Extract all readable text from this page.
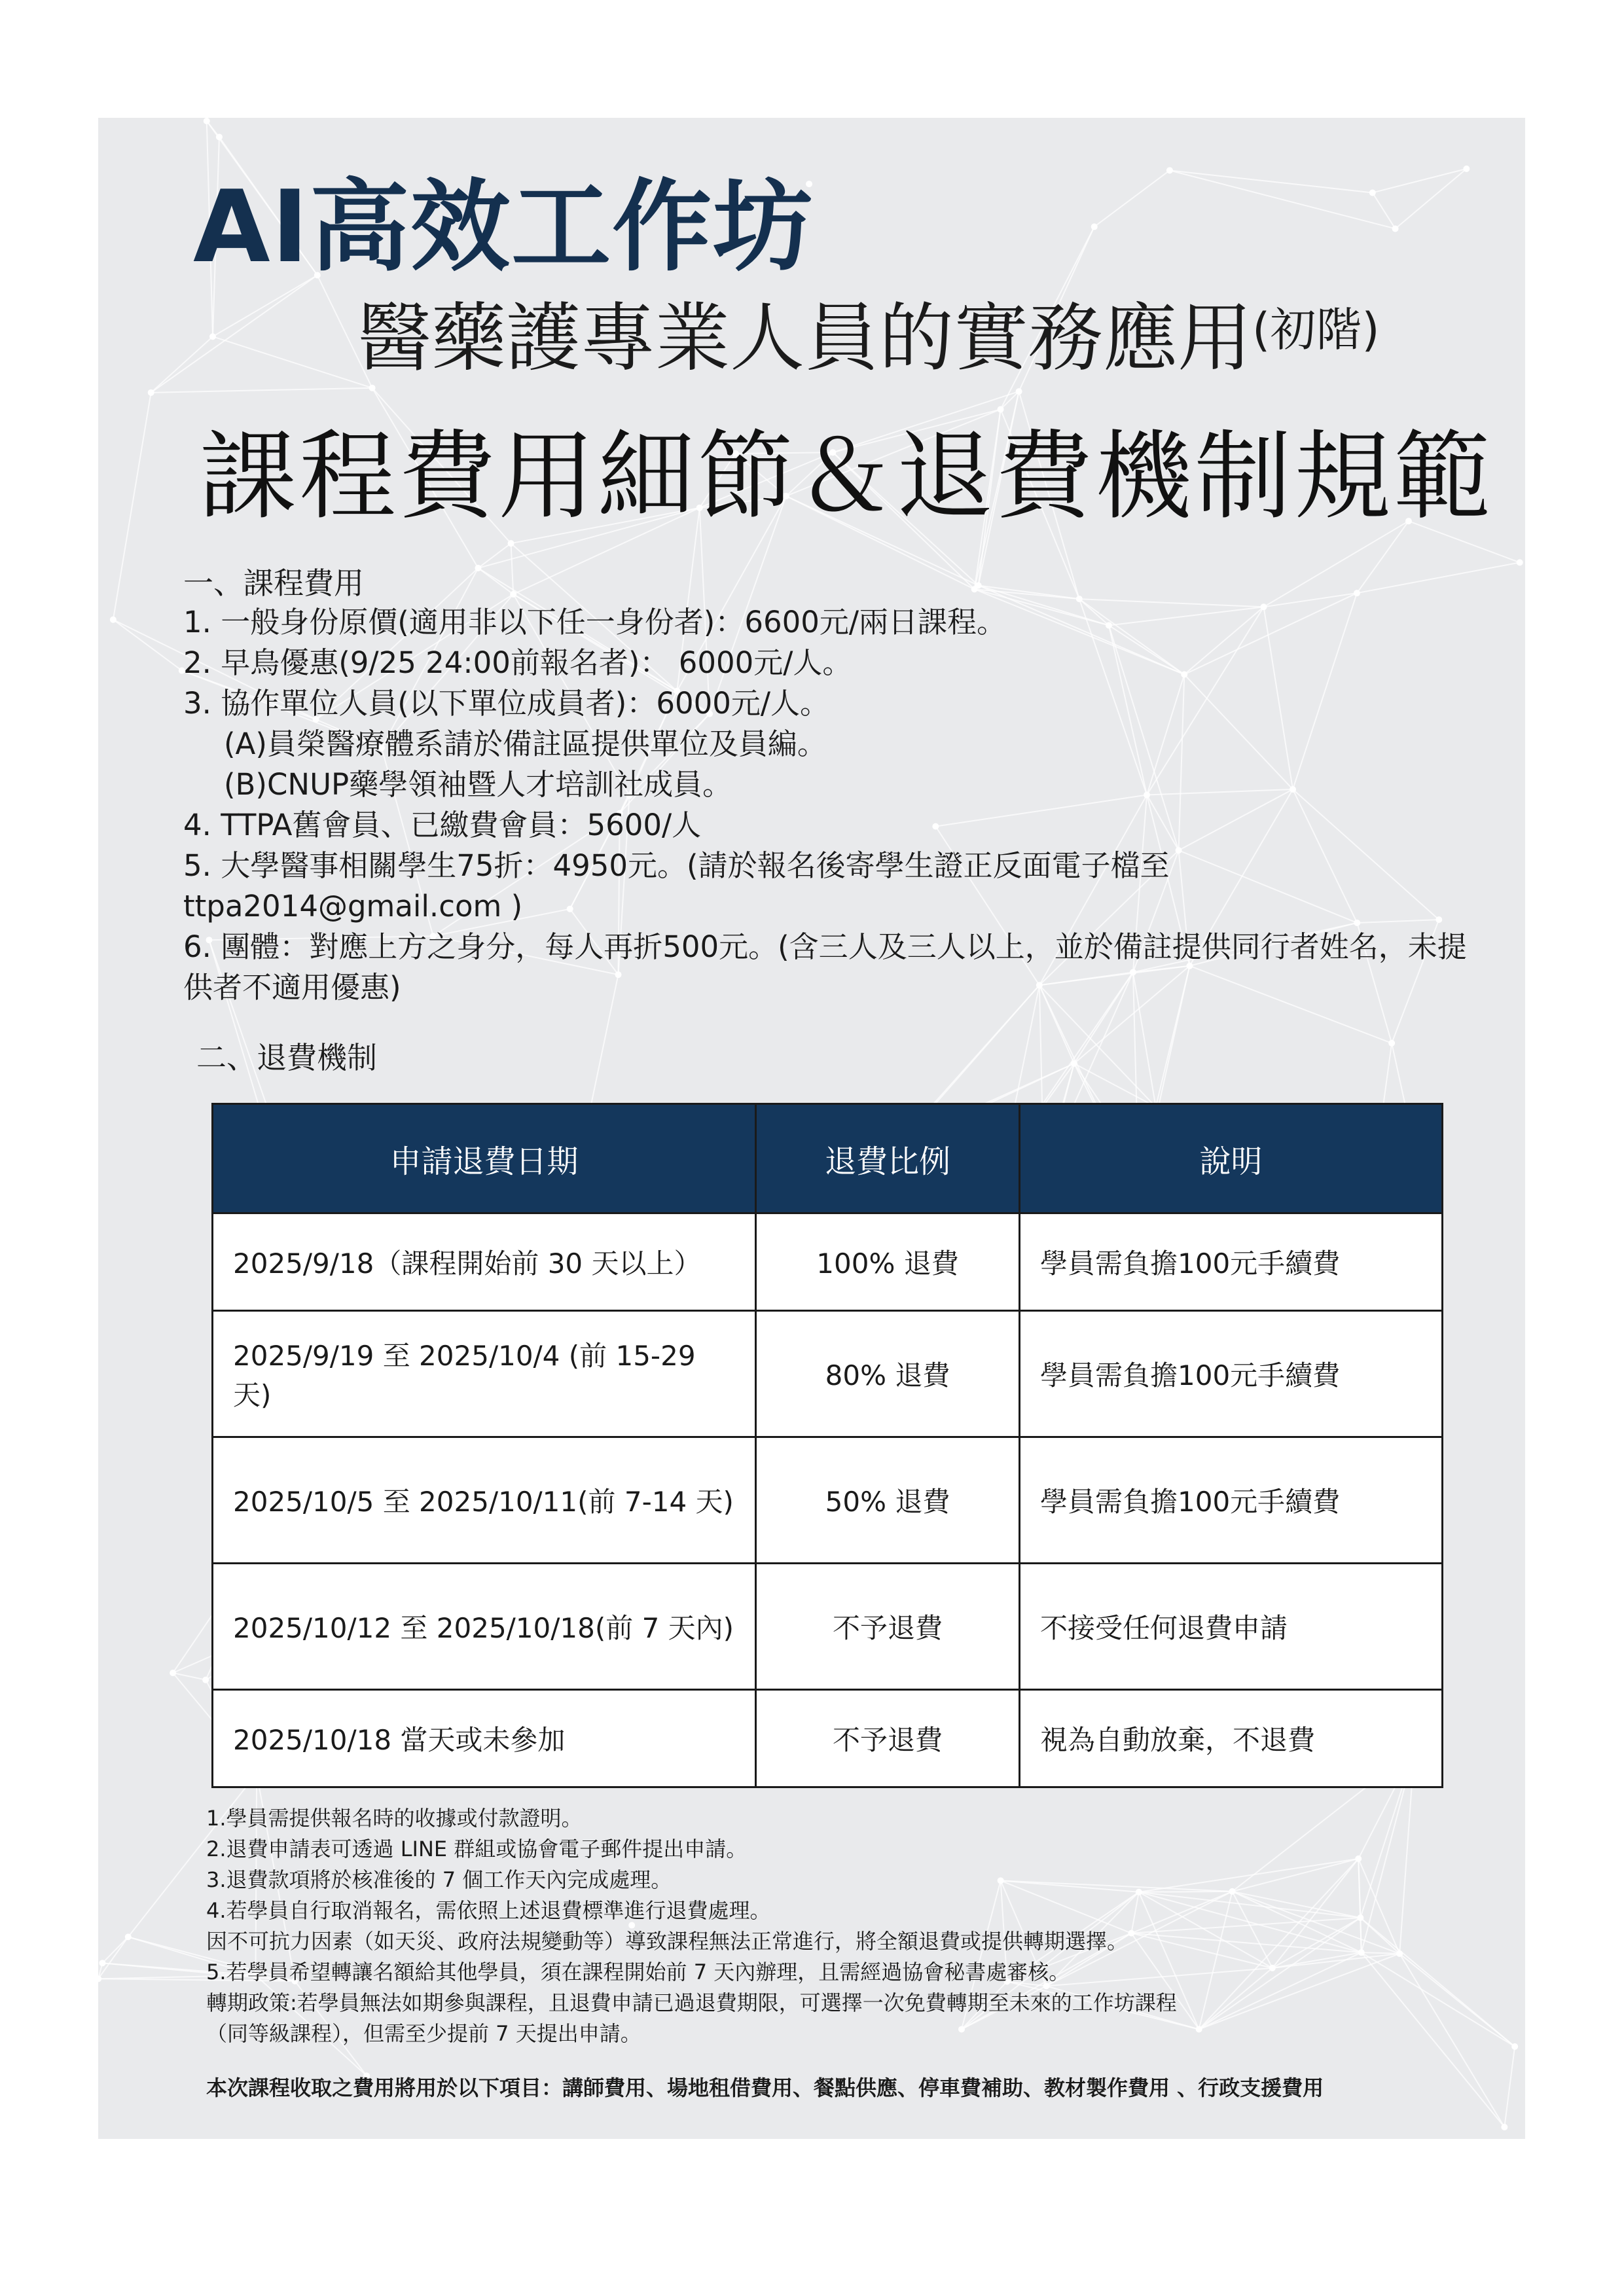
AI高效工作坊
醫藥護專業人員的實務應用$^{(初階)}$
課程費用細節＆退費機制規範
一、課程費用
1. 一般身份原價(適用非以下任一身份者)：6600元/兩日課程。
2. 早鳥優惠(9/25 24:00前報名者)： 6000元/人。
3. 協作單位人員(以下單位成員者)：6000元/人。
(A)員榮醫療體系請於備註區提供單位及員編。
(B)CNUP藥學領袖暨人才培訓社成員。
4. TTPA舊會員、已繳費會員：5600/人
5. 大學醫事相關學生75折：4950元。(請於報名後寄學生證正反面電子檔至 ttpa2014@gmail.com )
6. 團體：對應上方之身分，每人再折500元。(含三人及三人以上，並於備註提供同行者姓名，未提供者不適用優惠)
二、退費機制
申請退費日期	退費比例	說明
2025/9/18（課程開始前 30 天以上）	100% 退費	學員需負擔100元手續費
2025/9/19 至 2025/10/4 (前 15-29 天)	80% 退費	學員需負擔100元手續費
2025/10/5 至 2025/10/11(前 7-14 天)	50% 退費	學員需負擔100元手續費
2025/10/12 至 2025/10/18(前 7 天內)	不予退費	不接受任何退費申請
2025/10/18 當天或未參加	不予退費	視為自動放棄，不退費
1.學員需提供報名時的收據或付款證明。
2.退費申請表可透過 LINE 群組或協會電子郵件提出申請。
3.退費款項將於核准後的 7 個工作天內完成處理。
4.若學員自行取消報名，需依照上述退費標準進行退費處理。
因不可抗力因素（如天災、政府法規變動等）導致課程無法正常進行，將全額退費或提供轉期選擇。
5.若學員希望轉讓名額給其他學員，須在課程開始前 7 天內辦理，且需經過協會秘書處審核。
轉期政策:若學員無法如期參與課程，且退費申請已過退費期限，可選擇一次免費轉期至未來的工作坊課程
（同等級課程），但需至少提前 7 天提出申請。
本次課程收取之費用將用於以下項目：講師費用、場地租借費用、餐點供應、停車費補助、教材製作費用 、行政支援費用
